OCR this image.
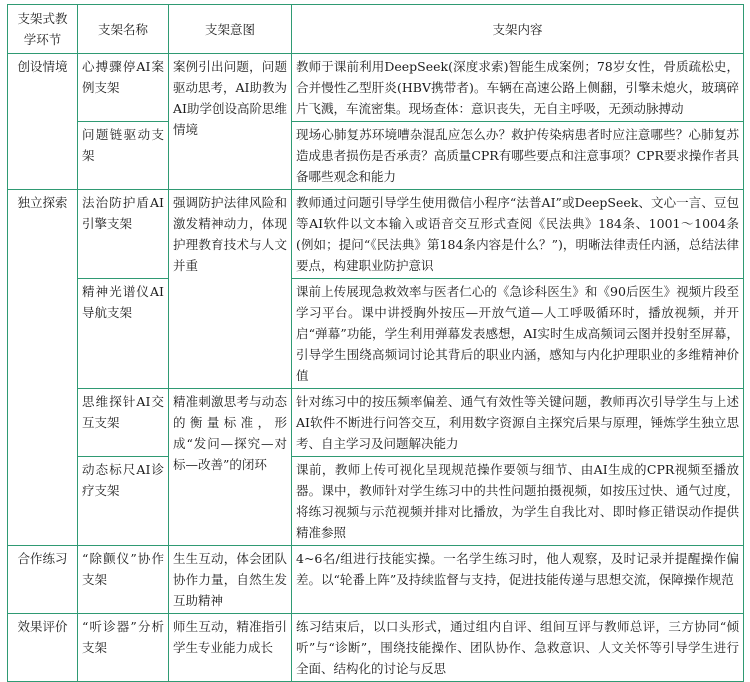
支架式教学环节	支架名称	支架意图	支架内容
创设情境	心搏骤停AI案例支架	案例引出问题，问题驱动思考，AI助教为AI助学创设高阶思维情境	教师于课前利用DeepSeek(深度求索)智能生成案例；78岁女性，骨质疏松史，合并慢性乙型肝炎(HBV携带者)。车辆在高速公路上侧翻，引擎未熄火，玻璃碎片飞溅，车流密集。现场查体：意识丧失，无自主呼吸，无颈动脉搏动
	问题链驱动支架		现场心肺复苏环境嘈杂混乱应怎么办？救护传染病患者时应注意哪些？心肺复苏造成患者损伤是否承责？高质量CPR有哪些要点和注意事项？CPR要求操作者具备哪些观念和能力
独立探索	法治防护盾AI引擎支架	强调防护法律风险和激发精神动力，体现护理教育技术与人文并重	教师通过问题引导学生使用微信小程序“法普AI”或DeepSeek、文心一言、豆包等AI软件以文本输入或语音交互形式查阅《民法典》184条、1001～1004条(例如；提问“《民法典》第184条内容是什么？”)，明晰法律责任内涵，总结法律要点，构建职业防护意识
	精神光谱仪AI导航支架		课前上传展现急救效率与医者仁心的《急诊科医生》和《90后医生》视频片段至学习平台。课中讲授胸外按压—开放气道—人工呼吸循环时，播放视频，并开启“弹幕”功能，学生利用弹幕发表感想，AI实时生成高频词云图并投射至屏幕，引导学生围绕高频词讨论其背后的职业内涵，感知与内化护理职业的多维精神价值
	思维探针AI交互支架	精准刺激思考与动态的衡量标准，形成“发问—探究—对标—改善”的闭环	针对练习中的按压频率偏差、通气有效性等关键问题，教师再次引导学生与上述AI软件不断进行问答交互，利用数字资源自主探究后果与原理，锤炼学生独立思考、自主学习及问题解决能力
	动态标尺AI诊疗支架		课前，教师上传可视化呈现规范操作要领与细节、由AI生成的CPR视频至播放器。课中，教师针对学生练习中的共性问题拍摄视频，如按压过快、通气过度，将练习视频与示范视频并排对比播放，为学生自我比对、即时修正错误动作提供精准参照
合作练习	“除颤仪”协作支架	生生互动，体会团队协作力量，自然生发互助精神	4~6名/组进行技能实操。一名学生练习时，他人观察，及时记录并提醒操作偏差。以“轮番上阵”及持续监督与支持，促进技能传递与思想交流，保障操作规范
效果评价	“听诊器”分析支架	师生互动，精准指引学生专业能力成长	练习结束后，以口头形式，通过组内自评、组间互评与教师总评，三方协同“倾听”与“诊断”，围绕技能操作、团队协作、急救意识、人文关怀等引导学生进行全面、结构化的讨论与反思
